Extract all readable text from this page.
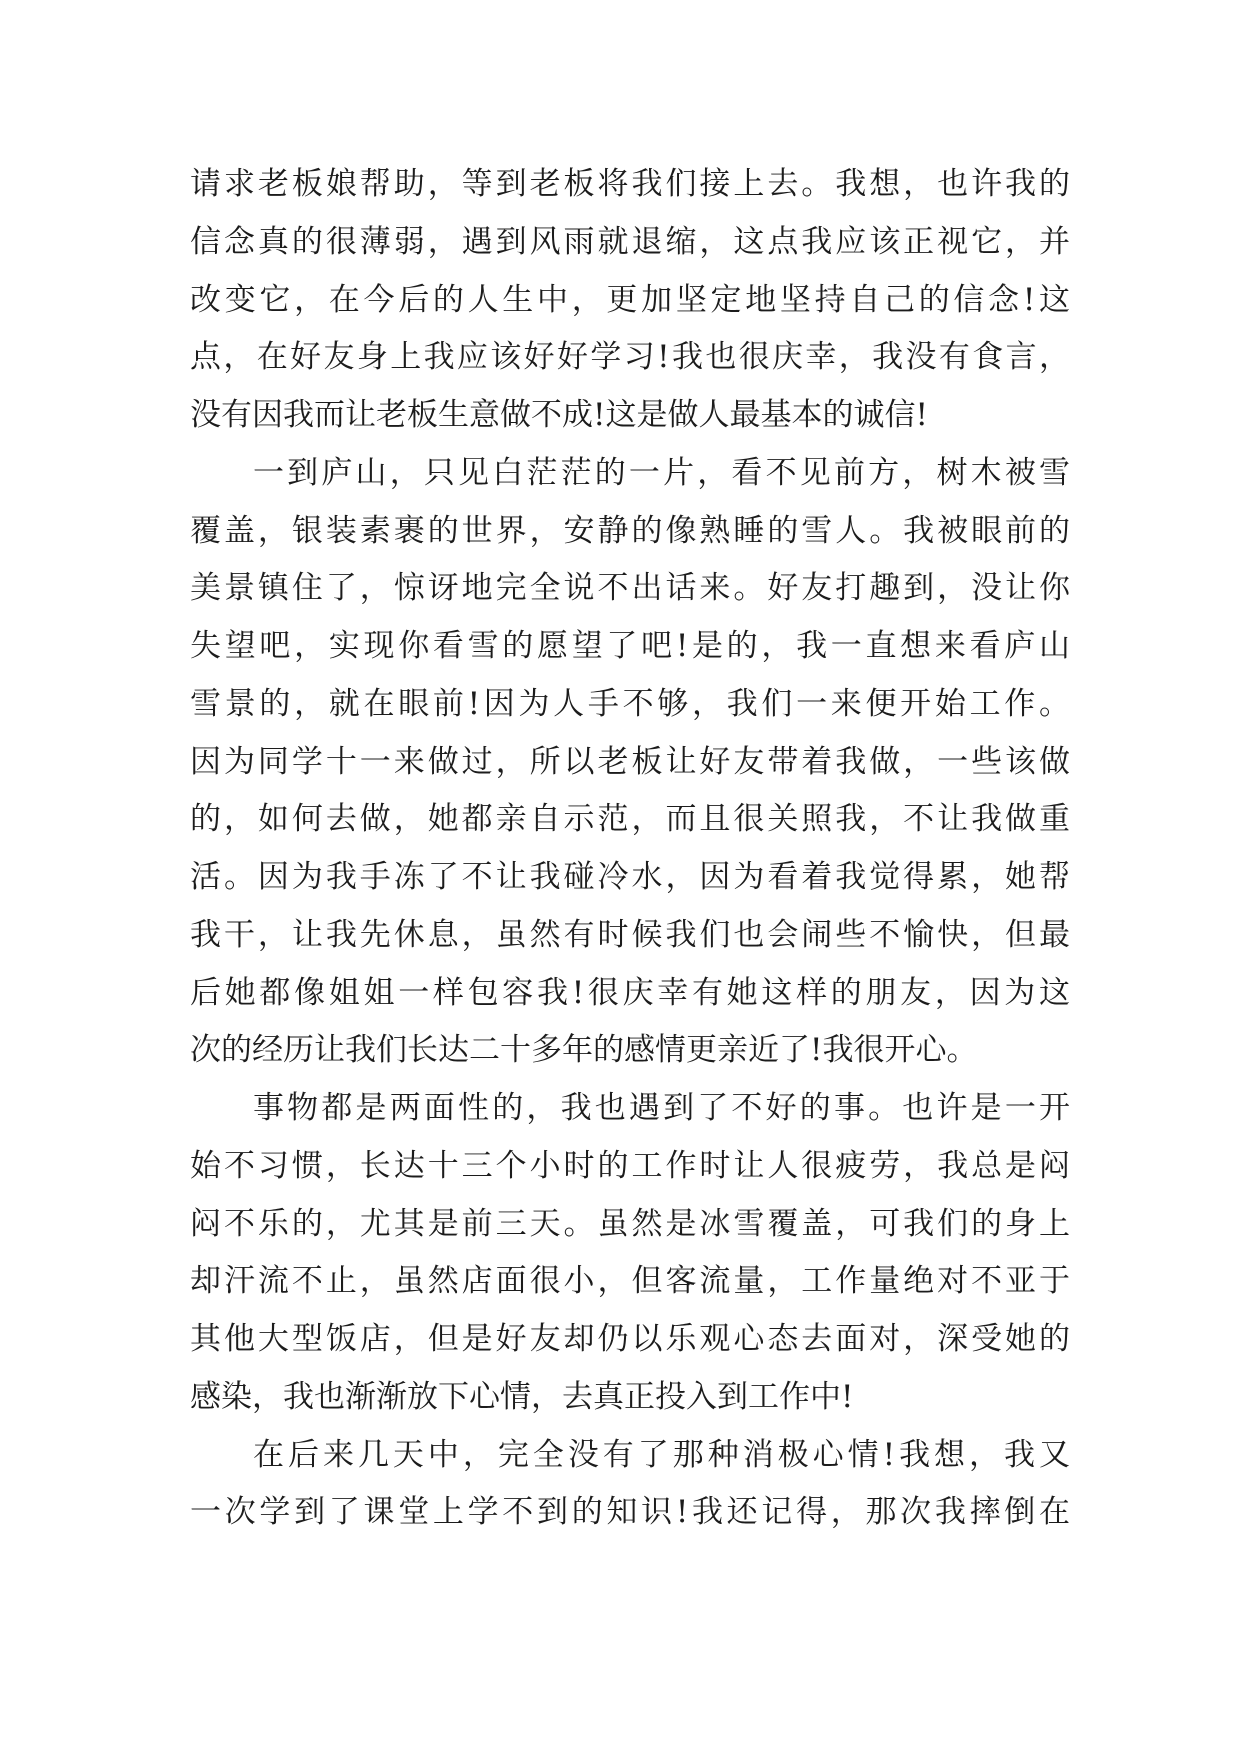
请求老板娘帮助，等到老板将我们接上去。我想，也许我的
信念真的很薄弱，遇到风雨就退缩，这点我应该正视它，并
改变它，在今后的人生中，更加坚定地坚持自己的信念!这
点，在好友身上我应该好好学习!我也很庆幸，我没有食言，
没有因我而让老板生意做不成!这是做人最基本的诚信!
一到庐山，只见白茫茫的一片，看不见前方，树木被雪
覆盖，银装素裹的世界，安静的像熟睡的雪人。我被眼前的
美景镇住了，惊讶地完全说不出话来。好友打趣到，没让你
失望吧，实现你看雪的愿望了吧!是的，我一直想来看庐山
雪景的，就在眼前!因为人手不够，我们一来便开始工作。
因为同学十一来做过，所以老板让好友带着我做，一些该做
的，如何去做，她都亲自示范，而且很关照我，不让我做重
活。因为我手冻了不让我碰冷水，因为看着我觉得累，她帮
我干，让我先休息，虽然有时候我们也会闹些不愉快，但最
后她都像姐姐一样包容我!很庆幸有她这样的朋友，因为这
次的经历让我们长达二十多年的感情更亲近了!我很开心。
事物都是两面性的，我也遇到了不好的事。也许是一开
始不习惯，长达十三个小时的工作时让人很疲劳，我总是闷
闷不乐的，尤其是前三天。虽然是冰雪覆盖，可我们的身上
却汗流不止，虽然店面很小，但客流量，工作量绝对不亚于
其他大型饭店，但是好友却仍以乐观心态去面对，深受她的
感染，我也渐渐放下心情，去真正投入到工作中!
在后来几天中，完全没有了那种消极心情!我想，我又
一次学到了课堂上学不到的知识!我还记得，那次我摔倒在
